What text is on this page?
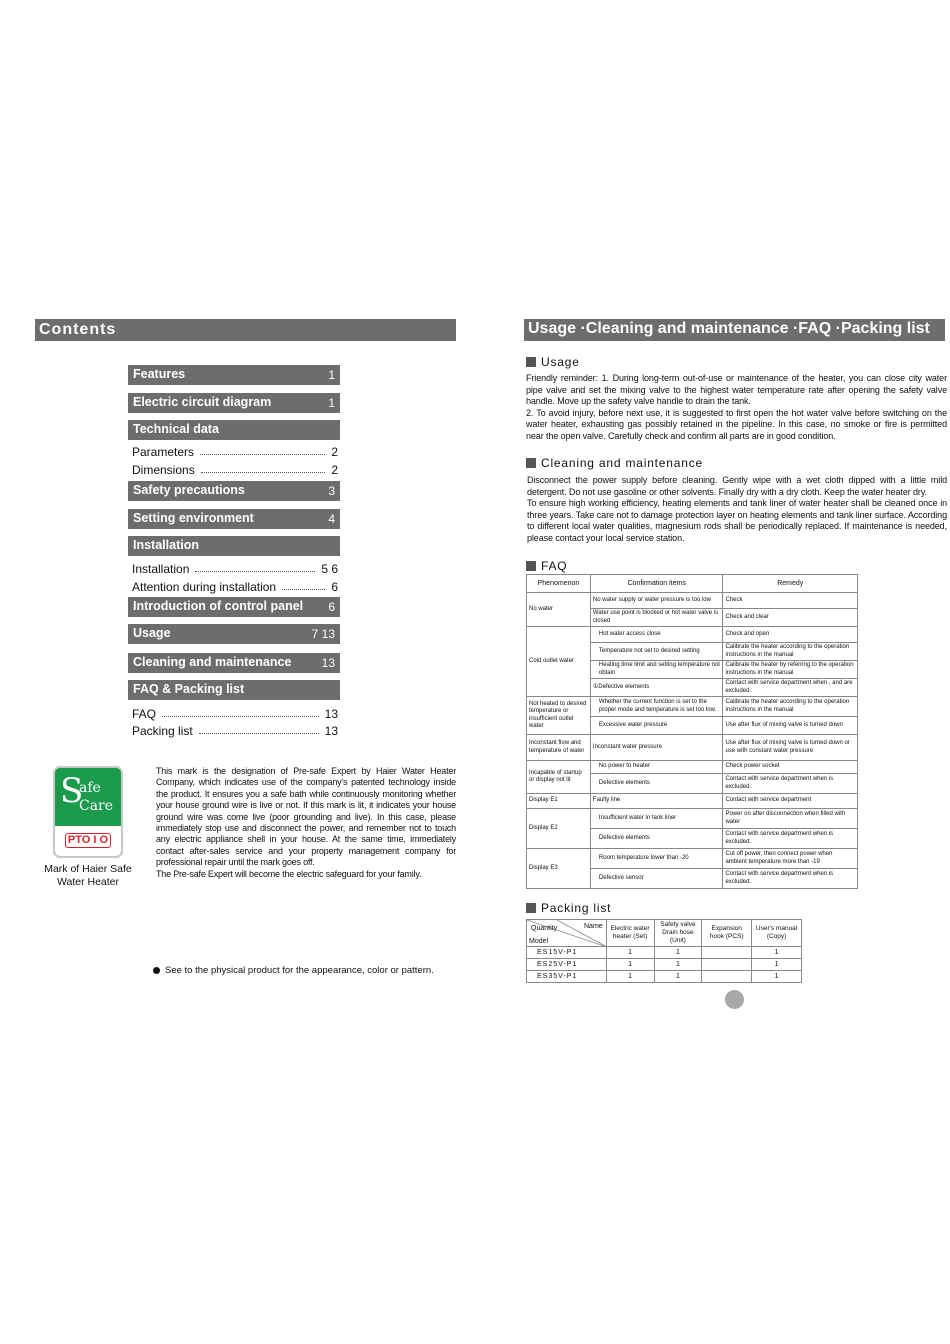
Contents
Features	1
Electric circuit diagram	1
Technical data
Parameters	2
Dimensions	2
Safety precautions	3
Setting environment	4
Installation
Installation	5 6
Attention during installation	6
Introduction of control panel 6
Usage	7 13
Cleaning and maintenance	13
FAQ & Packing list
FAQ	13
Packing list	13
S
afe
Care
PTO I O
Mark of Haier Safe Water Heater

This mark is the designation of Pre-safe Expert by Haier Water Heater Company, which indicates use of the company's patented technology inside the product. It ensures you a safe bath while continuously monitoring whether your house ground wire is live or not. If this mark is lit, it indicates your house ground wire was come live (poor grounding and live). In this case, please immediately stop use and disconnect the power, and remember not to touch any electric appliance shell in your house. At the same time, immediately contact after-sales service and your property management company for professional repair until the mark goes off.

The Pre-safe Expert will become the electric safeguard for your family.

See to the physical product for the appearance, color or pattern.
Usage ·Cleaning and maintenance ·FAQ ·Packing list
Usage
Friendly reminder: 1. During long-term out-of-use or maintenance of the heater, you can close city water pipe valve and set the mixing valve to the highest water temperature rate after opening the safety valve handle. Move up the safety valve handle to drain the tank.
2. To avoid injury, before next use, it is suggested to first open the hot water valve before switching on the water heater, exhausting gas possibly retained in the pipeline. In this case, no smoke or fire is permitted near the open valve. Carefully check and confirm all parts are in good condition.
Cleaning and maintenance
Disconnect the power supply before cleaning. Gently wipe with a wet cloth dipped with a little mild detergent. Do not use gasoline or other solvents. Finally dry with a dry cloth. Keep the water heater dry.
To ensure high working efficiency, heating elements and tank liner of water heater shall be cleaned once in three years. Take care not to damage protection layer on heating elements and tank liner surface. According to different local water qualities, magnesium rods shall be periodically replaced. If maintenance is needed, please contact your local service station.
FAQ
Phenomenon	Confirmation items	Remedy
No water	No water supply or water pressure is too low	Check
	Water use point is blocked or hot water valve is closed	Check and clear
Cold outlet water	Hot water access close	Check and open
	Temperature not set to desired setting	Calibrate the heater according to the operation instructions in the manual
	Heating time limit and setting temperature not obtain	Calibrate the heater by referring to the operation instructions in the manual
	①Defective elements	Contact with service department when , and are excluded.
Not heated to desired temperature or insufficient outlet water	Whether the current function is set to the proper mode and temperature is set too low.	Calibrate the heater according to the operation instructions in the manual
	Excessive water pressure	Use after flux of mixing valve is turned down
Inconstant flow and temperature of water	Inconstant water pressure	Use after flux of mixing valve is turned down or use with constant water pressure
Incapable of startup or display not lit	No power to heater	Check power socket
	Defective elements	Contact with service department when is excluded.
Display E1	Faulty line	Contact with service department
Display E2	Insufficient water in tank liner	Power on after disconnection when filled with water
	Defective elements	Contact with service department when is excluded.
Display E3	Room temperature lower than -20	Cut off power, then connect power when ambient temperature more than -19
	Defective sensor	Contact with service department when is excluded.
Packing list
Quantity Name
Model	Electric water heater (Set)	Safety valve Drain hose (Unit)	Expansion hook (PCS)	User's manual (Copy)
ES15V-P1	1	1		1
ES25V-P1	1	1		1
ES35V-P1	1	1		1
